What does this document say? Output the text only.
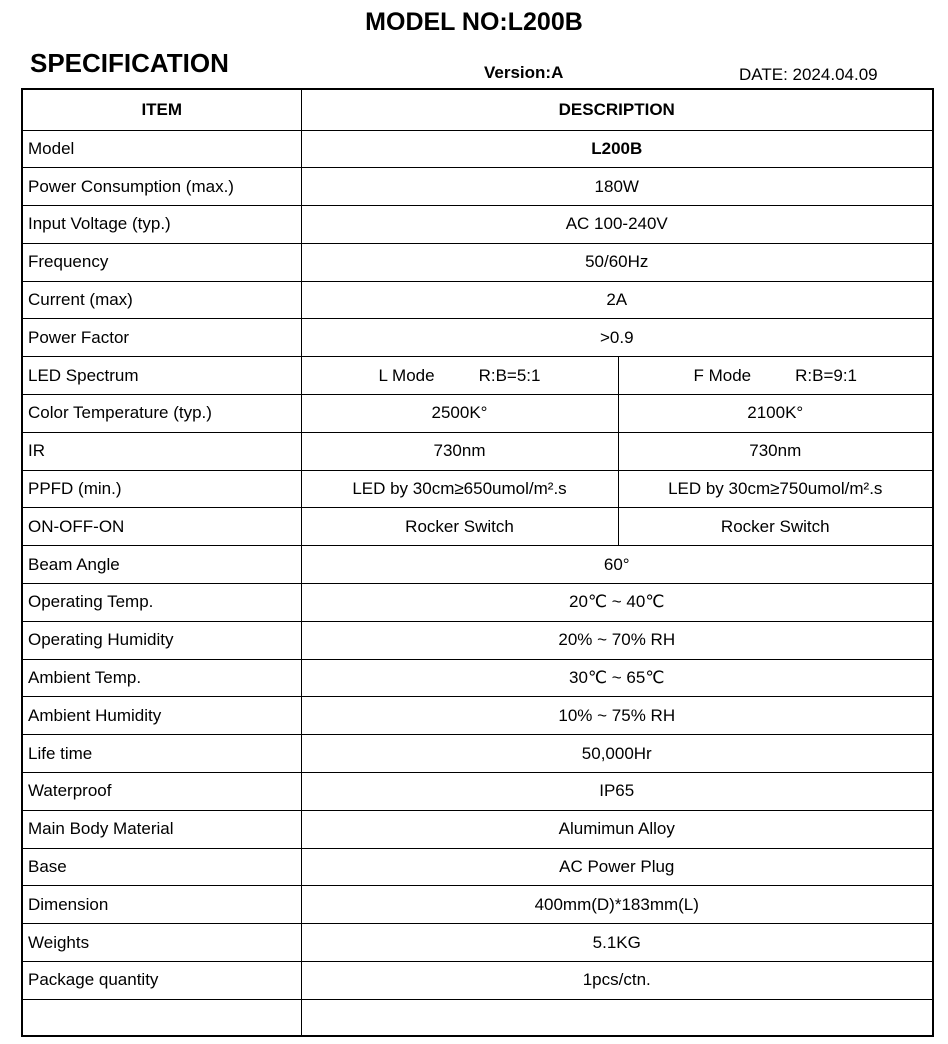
MODEL NO:L200B
SPECIFICATION	Version:A	DATE: 2024.04.09
ITEM	DESCRIPTION	
Model	L200B	
Power Consumption (max.)	180W	
Input Voltage (typ.)	AC 100-240V	
Frequency	50/60Hz	
Current (max)	2A	
Power Factor	>0.9	
LED Spectrum	L Mode R:B=5:1	F Mode R:B=9:1
Color Temperature (typ.)	2500K°	2100K°
IR	730nm	730nm
PPFD (min.)	LED by 30cm≥650umol/m².s	LED by 30cm≥750umol/m².s
ON-OFF-ON	Rocker Switch	Rocker Switch
Beam Angle	60°	
Operating Temp.	20℃ ~ 40℃	
Operating Humidity	20% ~ 70% RH	
Ambient Temp.	30℃ ~ 65℃	
Ambient Humidity	10% ~ 75% RH	
Life time	50,000Hr	
Waterproof	IP65	
Main Body Material	Alumimun Alloy	
Base	AC Power Plug	
Dimension	400mm(D)*183mm(L)	
Weights	5.1KG	
Package quantity	1pcs/ctn.	
